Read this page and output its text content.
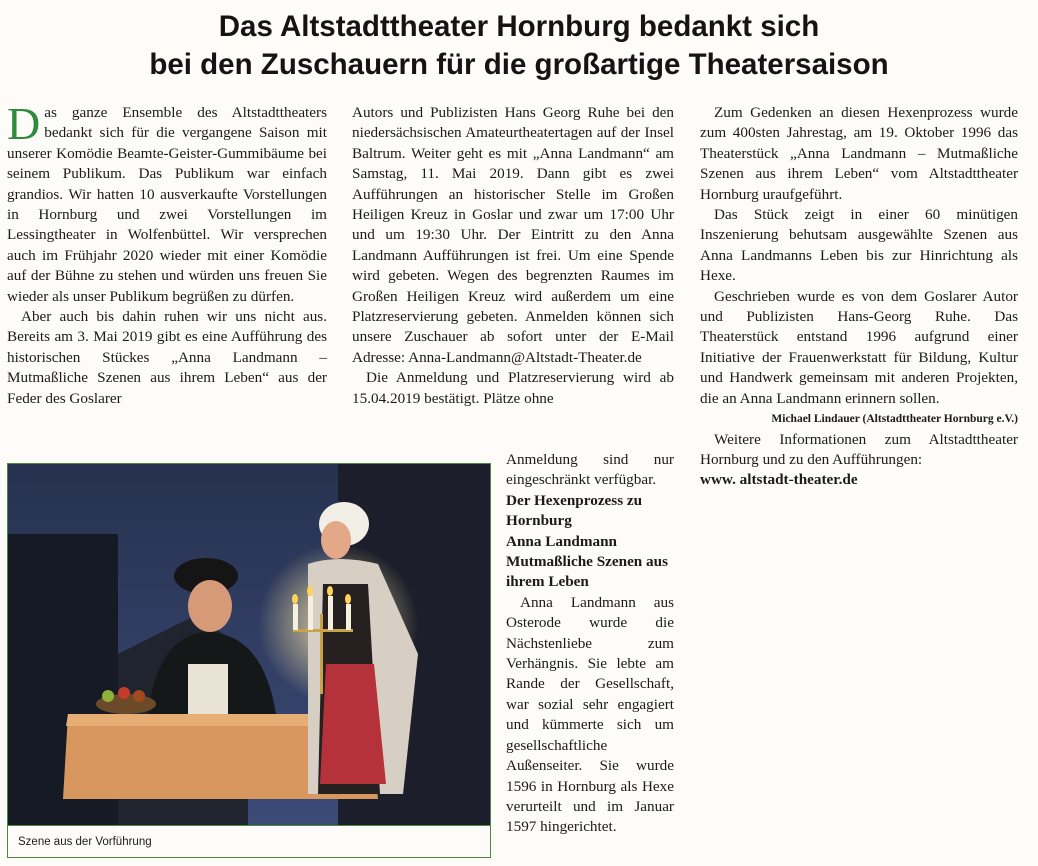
Das Altstadttheater Hornburg bedankt sich
bei den Zuschauern für die großartige Theatersaison

Das ganze Ensemble des Altstadttheaters bedankt sich für die vergangene Saison mit unserer Komödie Beamte-Geister-Gummibäume bei seinem Publikum. Das Publikum war einfach grandios. Wir hatten 10 ausverkaufte Vorstellungen in Hornburg und zwei Vorstellungen im Lessingtheater in Wolfenbüttel. Wir versprechen auch im Frühjahr 2020 wieder mit einer Komödie auf der Bühne zu stehen und würden uns freuen Sie wieder als unser Publikum begrüßen zu dürfen.

Aber auch bis dahin ruhen wir uns nicht aus. Bereits am 3. Mai 2019 gibt es eine Aufführung des historischen Stückes „Anna Landmann – Mutmaßliche Szenen aus ihrem Leben“ aus der Feder des Goslarer

Autors und Publizisten Hans Georg Ruhe bei den niedersächsischen Amateurtheatertagen auf der Insel Baltrum. Weiter geht es mit „Anna Landmann“ am Samstag, 11. Mai 2019. Dann gibt es zwei Aufführungen an historischer Stelle im Großen Heiligen Kreuz in Goslar und zwar um 17:00 Uhr und um 19:30 Uhr. Der Eintritt zu den Anna Landmann Aufführungen ist frei. Um eine Spende wird gebeten. Wegen des begrenzten Raumes im Großen Heiligen Kreuz wird außerdem um eine Platzreservierung gebeten. Anmelden können sich unsere Zuschauer ab sofort unter der E-Mail Adresse: Anna-Landmann@Altstadt-Theater.de

Die Anmeldung und Platzreservierung wird ab 15.04.2019 bestätigt. Plätze ohne

Anmeldung sind nur eingeschränkt verfügbar.

Der Hexenprozess zu Hornburg

Anna Landmann Mutmaßliche Szenen aus ihrem Leben

Anna Landmann aus Osterode wurde die Nächstenliebe zum Verhängnis. Sie lebte am Rande der Gesellschaft, war sozial sehr engagiert und kümmerte sich um gesellschaftliche Außenseiter. Sie wurde 1596 in Hornburg als Hexe verurteilt und im Januar 1597 hingerichtet.

Zum Gedenken an diesen Hexenprozess wurde zum 400sten Jahrestag, am 19. Oktober 1996 das Theaterstück „Anna Landmann – Mutmaßliche Szenen aus ihrem Leben“ vom Altstadttheater Hornburg uraufgeführt.

Das Stück zeigt in einer 60 minütigen Inszenierung behutsam ausgewählte Szenen aus Anna Landmanns Leben bis zur Hinrichtung als Hexe.

Geschrieben wurde es von dem Goslarer Autor und Publizisten Hans-Georg Ruhe. Das Theaterstück entstand 1996 aufgrund einer Initiative der Frauenwerkstatt für Bildung, Kultur und Handwerk gemeinsam mit anderen Projekten, die an Anna Landmann erinnern sollen.

Michael Lindauer (Altstadttheater Hornburg e.V.)

Weitere Informationen zum Altstadttheater Hornburg und zu den Aufführungen:
www. altstadt-theater.de

Szene aus der Vorführung
